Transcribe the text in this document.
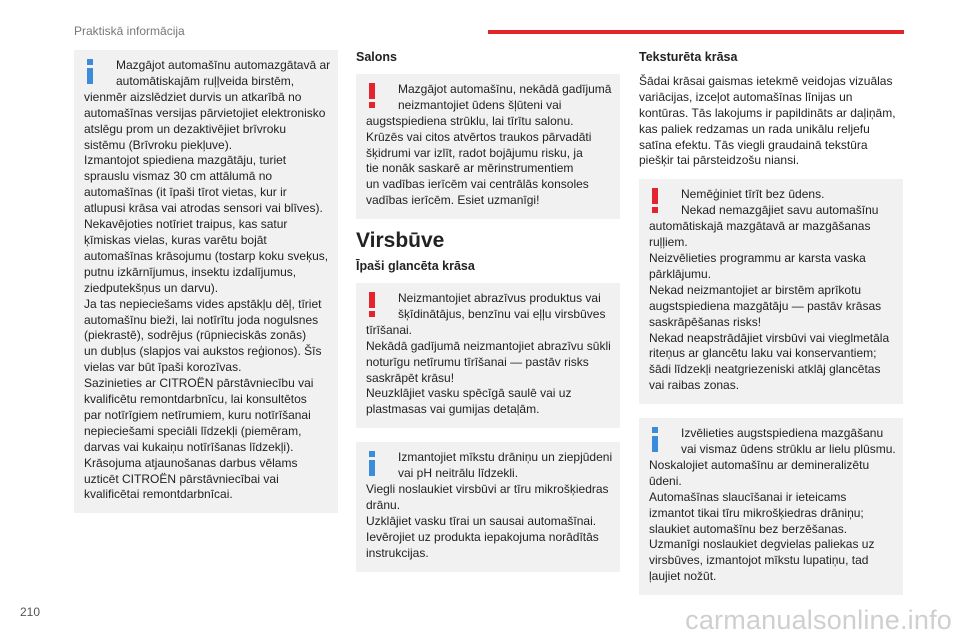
Praktiskā informācija
210	carmanualsonline.info
Mazgājot automašīnu automazgātavā ar
automātiskajām ruļļveida birstēm,
vienmēr aizslēdziet durvis un atkarībā no
automašīnas versijas pārvietojiet elektronisko
atslēgu prom un dezaktivējiet brīvroku
sistēmu (Brīvroku piekļuve).
Izmantojot spiediena mazgātāju, turiet
sprauslu vismaz 30 cm attālumā no
automašīnas (it īpaši tīrot vietas, kur ir
atlupusi krāsa vai atrodas sensori vai blīves).
Nekavējoties notīriet traipus, kas satur
ķīmiskas vielas, kuras varētu bojāt
automašīnas krāsojumu (tostarp koku sveķus,
putnu izkārnījumus, insektu izdalījumus,
ziedputekšņus un darvu).
Ja tas nepieciešams vides apstākļu dēļ, tīriet
automašīnu bieži, lai notīrītu joda nogulsnes
(piekrastē), sodrējus (rūpnieciskās zonās)
un dubļus (slapjos vai aukstos reģionos). Šīs
vielas var būt īpaši korozīvas.
Sazinieties ar CITROËN pārstāvniecību vai
kvalificētu remontdarbnīcu, lai konsultētos
par notīrīgiem netīrumiem, kuru notīrīšanai
nepieciešami speciāli līdzekļi (piemēram,
darvas vai kukaiņu notīrīšanas līdzekļi).
Krāsojuma atjaunošanas darbus vēlams
uzticēt CITROËN pārstāvniecībai vai
kvalificētai remontdarbnīcai.
Salons
Mazgājot automašīnu, nekādā gadījumā
neizmantojiet ūdens šļūteni vai
augstspiediena strūklu, lai tīrītu salonu.
Krūzēs vai citos atvērtos traukos pārvadāti
šķidrumi var izlīt, radot bojājumu risku, ja
tie nonāk saskarē ar mērinstrumentiem
un vadības ierīcēm vai centrālās konsoles
vadības ierīcēm. Esiet uzmanīgi!
Virsbūve
Īpaši glancēta krāsa
Neizmantojiet abrazīvus produktus vai
šķīdinātājus, benzīnu vai eļļu virsbūves
tīrīšanai.
Nekādā gadījumā neizmantojiet abrazīvu sūkli
noturīgu netīrumu tīrīšanai — pastāv risks
saskrāpēt krāsu!
Neuzklājiet vasku spēcīgā saulē vai uz
plastmasas vai gumijas detaļām.
Izmantojiet mīkstu drāniņu un ziepjūdeni
vai pH neitrālu līdzekli.
Viegli noslaukiet virsbūvi ar tīru mikrošķiedras
drānu.
Uzklājiet vasku tīrai un sausai automašīnai.
Ievērojiet uz produkta iepakojuma norādītās
instrukcijas.
Teksturēta krāsa
Šādai krāsai gaismas ietekmē veidojas vizuālas
variācijas, izceļot automašīnas līnijas un
kontūras. Tās lakojums ir papildināts ar daļiņām,
kas paliek redzamas un rada unikālu reljefu
satīna efektu. Tās viegli graudainā tekstūra
piešķir tai pārsteidzošu niansi.
Nemēģiniet tīrīt bez ūdens.
Nekad nemazgājiet savu automašīnu
automātiskajā mazgātavā ar mazgāšanas
ruļļiem.
Neizvēlieties programmu ar karsta vaska
pārklājumu.
Nekad neizmantojiet ar birstēm aprīkotu
augstspiediena mazgātāju — pastāv krāsas
saskrāpēšanas risks!
Nekad neapstrādājiet virsbūvi vai vieglmetāla
riteņus ar glancētu laku vai konservantiem;
šādi līdzekļi neatgriezeniski atklāj glancētas
vai raibas zonas.
Izvēlieties augstspiediena mazgāšanu
vai vismaz ūdens strūklu ar lielu plūsmu.
Noskalojiet automašīnu ar demineralizētu
ūdeni.
Automašīnas slaucīšanai ir ieteicams
izmantot tikai tīru mikrošķiedras drāniņu;
slaukiet automašīnu bez berzēšanas.
Uzmanīgi noslaukiet degvielas paliekas uz
virsbūves, izmantojot mīkstu lupatiņu, tad
ļaujiet nožūt.
